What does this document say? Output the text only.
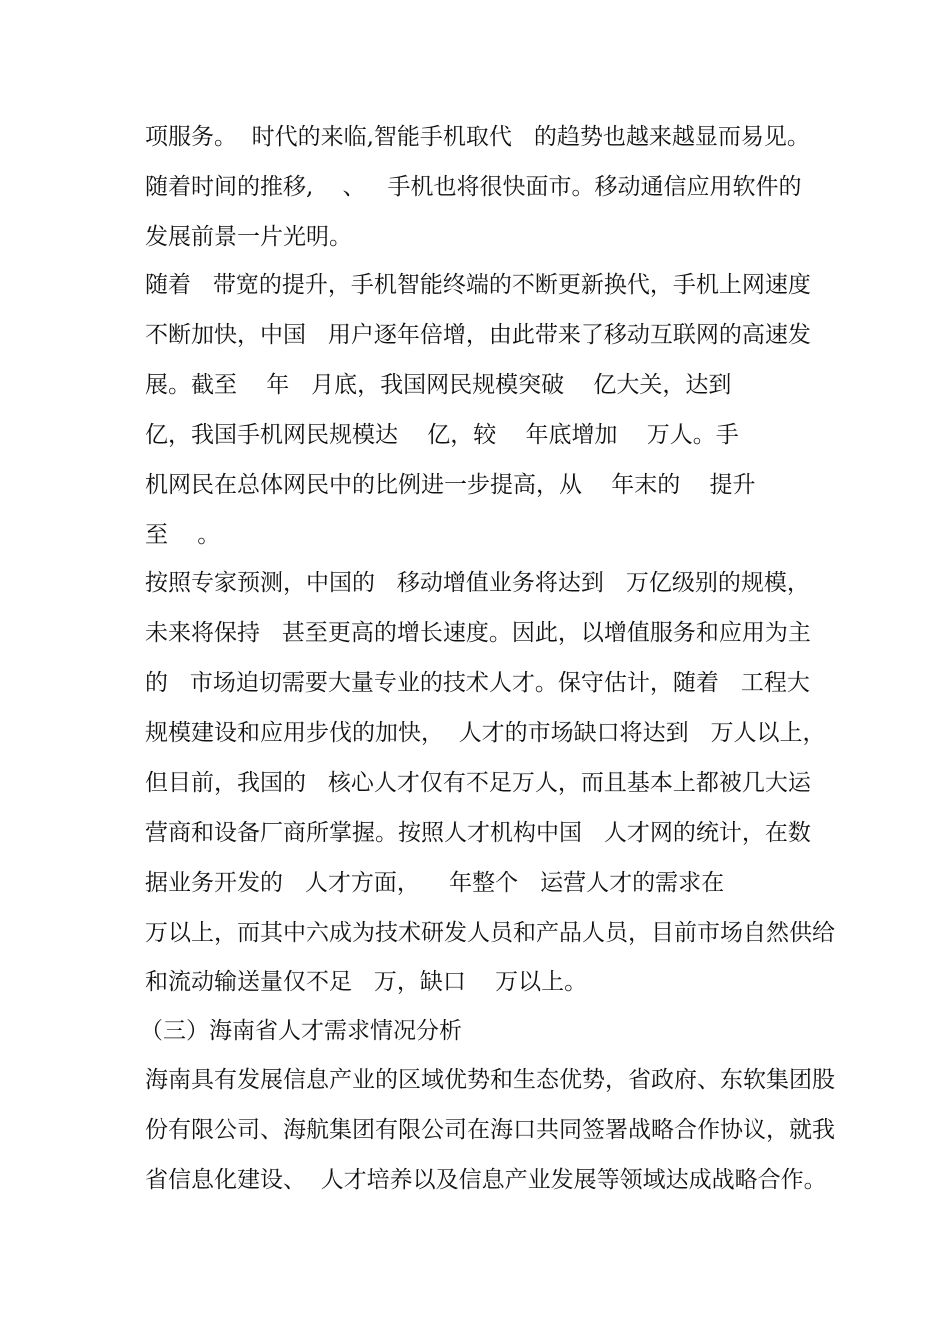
项服务。  时代的来临,智能手机取代   的趋势也越来越显而易见。
随着时间的推移,    、   手机也将很快面市。移动通信应用软件的
发展前景一片光明。
随着   带宽的提升，手机智能终端的不断更新换代，手机上网速度
不断加快，中国   用户逐年倍增，由此带来了移动互联网的高速发
展。截至    年   月底，我国网民规模突破    亿大关，达到
亿，我国手机网民规模达    亿，较    年底增加    万人。手
机网民在总体网民中的比例进一步提高，从    年末的    提升
至    。
按照专家预测，中国的   移动增值业务将达到   万亿级别的规模，
未来将保持   甚至更高的增长速度。因此，以增值服务和应用为主
的   市场迫切需要大量专业的技术人才。保守估计，随着   工程大
规模建设和应用步伐的加快，  人才的市场缺口将达到   万人以上，
但目前，我国的   核心人才仅有不足万人，而且基本上都被几大运
营商和设备厂商所掌握。按照人才机构中国   人才网的统计，在数
据业务开发的   人才方面，    年整个   运营人才的需求在
万以上，而其中六成为技术研发人员和产品人员，目前市场自然供给
和流动输送量仅不足   万，缺口    万以上。
（三）海南省人才需求情况分析
海南具有发展信息产业的区域优势和生态优势，省政府、东软集团股
份有限公司、海航集团有限公司在海口共同签署战略合作协议，就我
省信息化建设、  人才培养以及信息产业发展等领域达成战略合作。
